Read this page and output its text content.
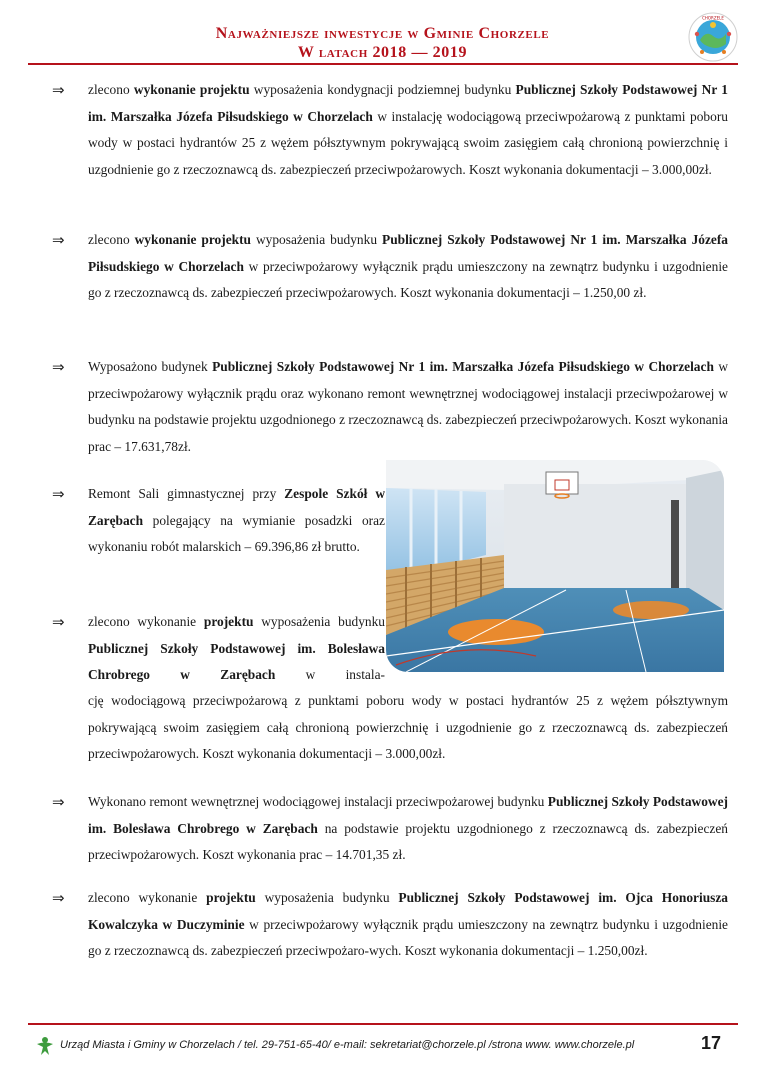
Najważniejsze inwestycje w Gminie Chorzele
W latach 2018 — 2019
CHORZELE
⇒ zlecono wykonanie projektu wyposażenia kondygnacji podziemnej budynku Publicznej Szkoły Podstawowej Nr 1 im. Marszałka Józefa Piłsudskiego w Chorzelach w instalację wodociągową przeciwpożarową z punktami poboru wody w postaci hydrantów 25 z wężem półsztywnym pokrywającą swoim zasięgiem całą chronioną powierzchnię i uzgodnienie go z rzeczoznawcą ds. zabezpieczeń przeciwpożarowych. Koszt wykonania dokumentacji – 3.000,00zł.
⇒ zlecono wykonanie projektu wyposażenia budynku Publicznej Szkoły Podstawowej Nr 1 im. Marszałka Józefa Piłsudskiego w Chorzelach w przeciwpożarowy wyłącznik prądu umieszczony na zewnątrz budynku i uzgodnienie go z rzeczoznawcą ds. zabezpieczeń przeciwpożarowych. Koszt wykonania dokumentacji – 1.250,00 zł.
⇒ Wyposażono budynek Publicznej Szkoły Podstawowej Nr 1 im. Marszałka Józefa Piłsudskiego w Chorzelach w przeciwpożarowy wyłącznik prądu oraz wykonano remont wewnętrznej wodociągowej instalacji przeciwpożarowej w budynku na podstawie projektu uzgodnionego z rzeczoznawcą ds. zabezpieczeń przeciwpożarowych. Koszt wykonania prac – 17.631,78zł.
⇒ Remont Sali gimnastycznej przy Zespole Szkół w Zarębach polegający na wymianie posadzki oraz wykonaniu robót malarskich – 69.396,86 zł brutto.
⇒ zlecono wykonanie projektu wyposażenia budynku Publicznej Szkoły Podstawowej im. Bolesława Chrobrego w Zarębach w instala-
cję wodociągową przeciwpożarową z punktami poboru wody w postaci hydrantów 25 z wężem półsztywnym pokrywającą swoim zasięgiem całą chronioną powierzchnię i uzgodnienie go z rzeczoznawcą ds. zabezpieczeń przeciwpożarowych. Koszt wykonania dokumentacji – 3.000,00zł.
⇒ Wykonano remont wewnętrznej wodociągowej instalacji przeciwpożarowej budynku Publicznej Szkoły Podstawowej im. Bolesława Chrobrego w Zarębach na podstawie projektu uzgodnionego z rzeczoznawcą ds. zabezpieczeń przeciwpożarowych. Koszt wykonania prac – 14.701,35 zł.
⇒ zlecono wykonanie projektu wyposażenia budynku Publicznej Szkoły Podstawowej im. Ojca Honoriusza Kowalczyka w Duczyminie w przeciwpożarowy wyłącznik prądu umieszczony na zewnątrz budynku i uzgodnienie go z rzeczoznawcą ds. zabezpieczeń przeciwpożaro-wych. Koszt wykonania dokumentacji – 1.250,00zł.
Urząd Miasta i Gminy w Chorzelach / tel. 29-751-65-40/ e-mail: sekretariat@chorzele.pl /strona www. www.chorzele.pl	17
